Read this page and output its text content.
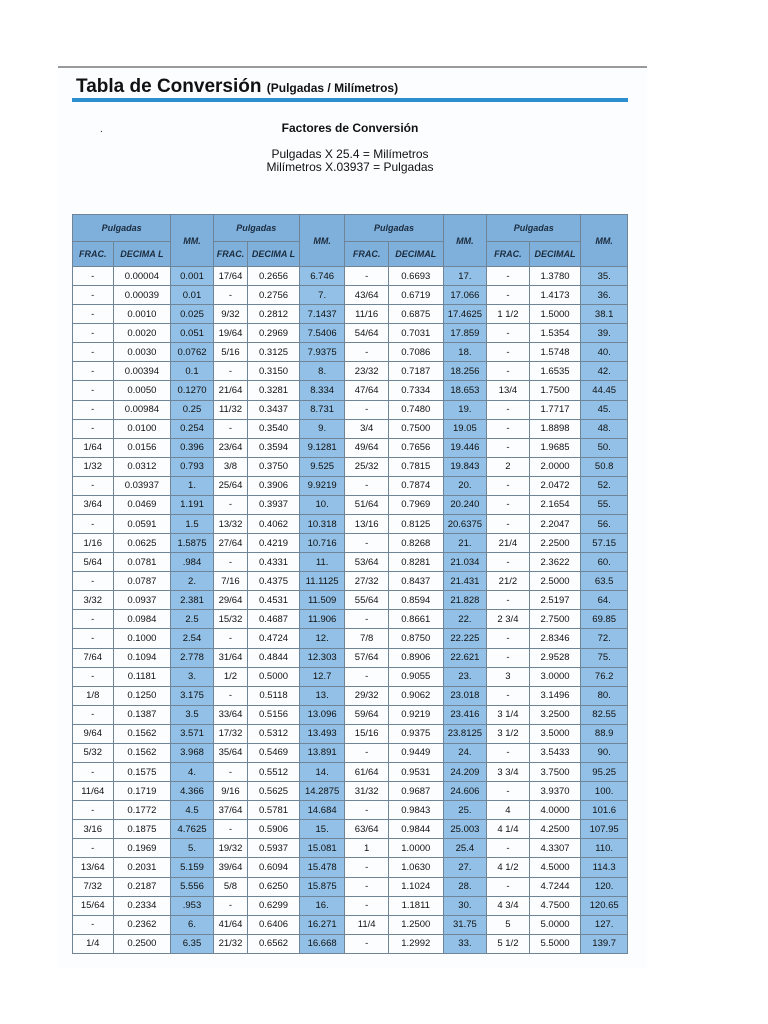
Tabla de Conversión (Pulgadas / Milímetros)
.	Factores de Conversión
Pulgadas X 25.4 = Milímetros
Milímetros X.03937 = Pulgadas
Pulgadas		MM.	Pulgadas		MM.	Pulgadas		MM.	Pulgadas		MM.
FRAC.	DECIMA L		FRAC.	DECIMA L		FRAC.	DECIMAL		FRAC.	DECIMAL	
-	0.00004	0.001	17/64	0.2656	6.746	-	0.6693	17.	-	1.3780	35.
-	0.00039	0.01	-	0.2756	7.	43/64	0.6719	17.066	-	1.4173	36.
-	0.0010	0.025	9/32	0.2812	7.1437	11/16	0.6875	17.4625	1 1/2	1.5000	38.1
-	0.0020	0.051	19/64	0.2969	7.5406	54/64	0.7031	17.859	-	1.5354	39.
-	0.0030	0.0762	5/16	0.3125	7.9375	-	0.7086	18.	-	1.5748	40.
-	0.00394	0.1	-	0.3150	8.	23/32	0.7187	18.256	-	1.6535	42.
-	0.0050	0.1270	21/64	0.3281	8.334	47/64	0.7334	18.653	13/4	1.7500	44.45
-	0.00984	0.25	11/32	0.3437	8.731	-	0.7480	19.	-	1.7717	45.
-	0.0100	0.254	-	0.3540	9.	3/4	0.7500	19.05	-	1.8898	48.
1/64	0.0156	0.396	23/64	0.3594	9.1281	49/64	0.7656	19.446	-	1.9685	50.
1/32	0.0312	0.793	3/8	0.3750	9.525	25/32	0.7815	19.843	2	2.0000	50.8
-	0.03937	1.	25/64	0.3906	9.9219	-	0.7874	20.	-	2.0472	52.
3/64	0.0469	1.191	-	0.3937	10.	51/64	0.7969	20.240	-	2.1654	55.
-	0.0591	1.5	13/32	0.4062	10.318	13/16	0.8125	20.6375	-	2.2047	56.
1/16	0.0625	1.5875	27/64	0.4219	10.716	-	0.8268	21.	21/4	2.2500	57.15
5/64	0.0781	.984	-	0.4331	11.	53/64	0.8281	21.034	-	2.3622	60.
-	0.0787	2.	7/16	0.4375	11.1125	27/32	0.8437	21.431	21/2	2.5000	63.5
3/32	0.0937	2.381	29/64	0.4531	11.509	55/64	0.8594	21.828	-	2.5197	64.
-	0.0984	2.5	15/32	0.4687	11.906	-	0.8661	22.	2 3/4	2.7500	69.85
-	0.1000	2.54	-	0.4724	12.	7/8	0.8750	22.225	-	2.8346	72.
7/64	0.1094	2.778	31/64	0.4844	12.303	57/64	0.8906	22.621	-	2.9528	75.
-	0.1181	3.	1/2	0.5000	12.7	-	0.9055	23.	3	3.0000	76.2
1/8	0.1250	3.175	-	0.5118	13.	29/32	0.9062	23.018	-	3.1496	80.
-	0.1387	3.5	33/64	0.5156	13.096	59/64	0.9219	23.416	3 1/4	3.2500	82.55
9/64	0.1562	3.571	17/32	0.5312	13.493	15/16	0.9375	23.8125	3 1/2	3.5000	88.9
5/32	0.1562	3.968	35/64	0.5469	13.891	-	0.9449	24.	-	3.5433	90.
-	0.1575	4.	-	0.5512	14.	61/64	0.9531	24.209	3 3/4	3.7500	95.25
11/64	0.1719	4.366	9/16	0.5625	14.2875	31/32	0.9687	24.606	-	3.9370	100.
-	0.1772	4.5	37/64	0.5781	14.684	-	0.9843	25.	4	4.0000	101.6
3/16	0.1875	4.7625	-	0.5906	15.	63/64	0.9844	25.003	4 1/4	4.2500	107.95
-	0.1969	5.	19/32	0.5937	15.081	1	1.0000	25.4	-	4.3307	110.
13/64	0.2031	5.159	39/64	0.6094	15.478	-	1.0630	27.	4 1/2	4.5000	114.3
7/32	0.2187	5.556	5/8	0.6250	15.875	-	1.1024	28.	-	4.7244	120.
15/64	0.2334	.953	-	0.6299	16.	-	1.1811	30.	4 3/4	4.7500	120.65
-	0.2362	6.	41/64	0.6406	16.271	11/4	1.2500	31.75	5	5.0000	127.
1/4	0.2500	6.35	21/32	0.6562	16.668	-	1.2992	33.	5 1/2	5.5000	139.7
